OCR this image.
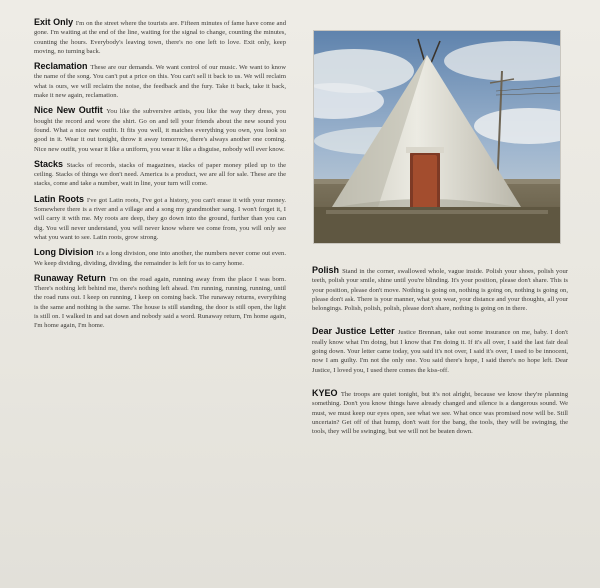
Exit Only I'm on the street where the tourists are. Fifteen minutes of fame have come and gone. I'm waiting at the end of the line, waiting for the signal to change, counting the minutes, counting the hours. Everybody's leaving town, there's no one left to love. Exit only, keep moving, no turning back.
Reclamation These are our demands. We want control of our music. We want to know the name of the song. You can't put a price on this. You can't sell it back to us. We will reclaim what is ours, we will reclaim the noise, the feedback and the fury. Take it back, take it back, make it new again, reclamation.
Nice New Outfit You like the subversive artists, you like the way they dress, you bought the record and wore the shirt. Go on and tell your friends about the new sound you found. What a nice new outfit. It fits you well, it matches everything you own, you look so good in it. Wear it out tonight, throw it away tomorrow, there's always another one coming. Nice new outfit, you wear it like a uniform, you wear it like a disguise, nobody will ever know.
Stacks Stacks of records, stacks of magazines, stacks of paper money piled up to the ceiling. Stacks of things we don't need. America is a product, we are all for sale. These are the stacks, come and take a number, wait in line, your turn will come.
Latin Roots I've got Latin roots, I've got a history, you can't erase it with your money. Somewhere there is a river and a village and a song my grandmother sang. I won't forget it, I will carry it with me. My roots are deep, they go down into the ground, further than you can dig. You will never understand, you will never know where we come from, you will only see what you want to see. Latin roots, grow strong.
Long Division It's a long division, one into another, the numbers never come out even. We keep dividing, dividing, dividing, the remainder is left for us to carry home.
Runaway Return I'm on the road again, running away from the place I was born. There's nothing left behind me, there's nothing left ahead. I'm running, running, running, until the road runs out. I keep on running, I keep on coming back. The runaway returns, everything is the same and nothing is the same. The house is still standing, the door is still open, the light is still on. I walked in and sat down and nobody said a word. Runaway return, I'm home again, I'm home again, I'm home.
Polish Stand in the corner, swallowed whole, vague inside. Polish your shoes, polish your teeth, polish your smile, shine until you're blinding. It's your position, please don't share. This is your position, please don't move. Nothing is going on, nothing is going on, nothing is going on, please don't ask. There is your manner, what you wear, your distance and your thoughts, all your belongings. Polish, polish, polish, please don't share, nothing is going on in there.
Dear Justice Letter Justice Brennan, take out some insurance on me, baby. I don't really know what I'm doing, but I know that I'm doing it. If it's all over, I said the last fair deal going down. Your letter came today, you said it's not over, I said it's over, I used to be innocent, now I am guilty. I'm not the only one. You said there's hope, I said there's no hope left. Dear Justice, I loved you, I used there comes the kiss-off.
KYEO The troops are quiet tonight, but it's not alright, because we know they're planning something. Don't you know things have already changed and silence is a dangerous sound. We must, we must keep our eyes open, see what we see. What once was promised now will be. Still uncertain? Get off of that hump, don't wait for the bang, the tools, they will be swinging, the tools, they will be swinging, but we will not be beaten down.
